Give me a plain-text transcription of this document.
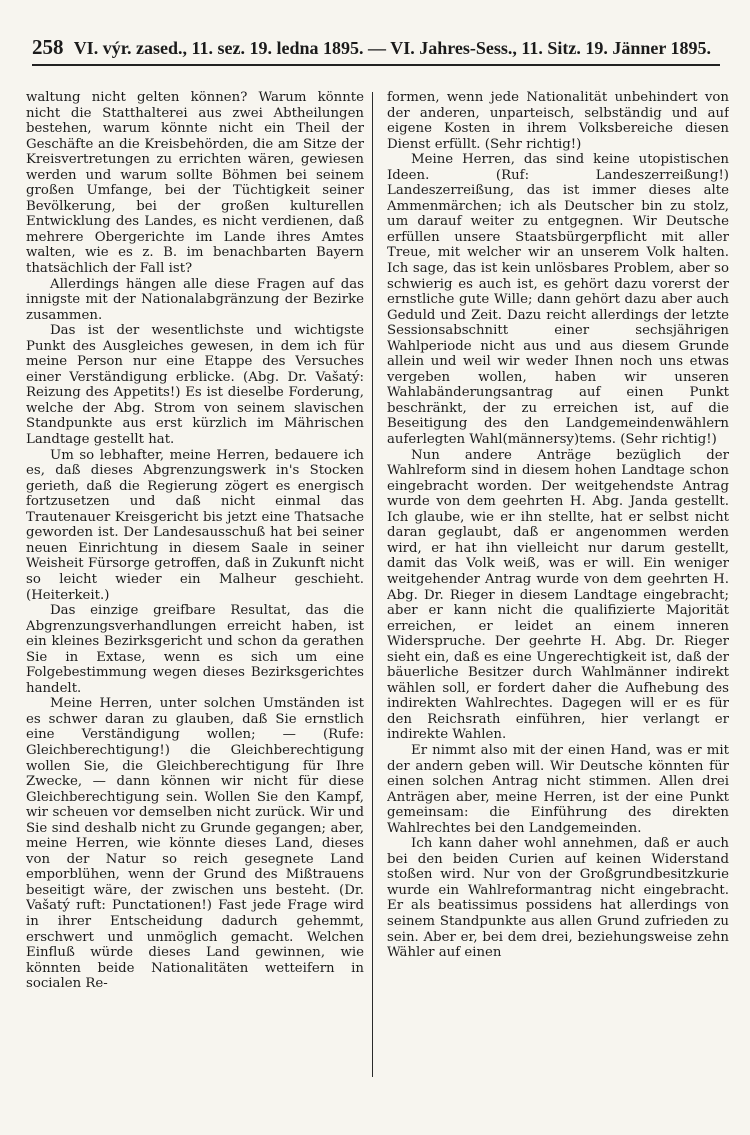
258 VI. výr. zased., 11. sez. 19. ledna 1895. — VI. Jahres-Sess., 11. Sitz. 19. Jänner 1895.

waltung nicht gelten können? Warum könnte nicht die Statthalterei aus zwei Abtheilungen bestehen, warum könnte nicht ein Theil der Geschäfte an die Kreisbehörden, die am Sitze der Kreisvertretungen zu errichten wären, gewiesen werden und warum sollte Böhmen bei seinem großen Umfange, bei der Tüchtigkeit seiner Bevölkerung, bei der großen kulturellen Entwicklung des Landes, es nicht verdienen, daß mehrere Obergerichte im Lande ihres Amtes walten, wie es z. B. im benachbarten Bayern thatsächlich der Fall ist?

Allerdings hängen alle diese Fragen auf das innigste mit der Nationalabgränzung der Bezirke zusammen.

Das ist der wesentlichste und wichtigste Punkt des Ausgleiches gewesen, in dem ich für meine Person nur eine Etappe des Versuches einer Verständigung erblicke. (Abg. Dr. Vašatý: Reizung des Appetits!) Es ist dieselbe Forderung, welche der Abg. Strom von seinem slavischen Standpunkte aus erst kürzlich im Mährischen Landtage gestellt hat.

Um so lebhafter, meine Herren, bedauere ich es, daß dieses Abgrenzungswerk in's Stocken gerieth, daß die Regierung zögert es energisch fortzusetzen und daß nicht einmal das Trautenauer Kreisgericht bis jetzt eine Thatsache geworden ist. Der Landesausschuß hat bei seiner neuen Einrichtung in diesem Saale in seiner Weisheit Fürsorge getroffen, daß in Zukunft nicht so leicht wieder ein Malheur geschieht. (Heiterkeit.)

Das einzige greifbare Resultat, das die Abgrenzungsverhandlungen erreicht haben, ist ein kleines Bezirksgericht und schon da gerathen Sie in Extase, wenn es sich um eine Folgebestimmung wegen dieses Bezirksgerichtes handelt.

Meine Herren, unter solchen Umständen ist es schwer daran zu glauben, daß Sie ernstlich eine Verständigung wollen; — (Rufe: Gleichberechtigung!) die Gleichberechtigung wollen Sie, die Gleichberechtigung für Ihre Zwecke, — dann können wir nicht für diese Gleichberechtigung sein. Wollen Sie den Kampf, wir scheuen vor demselben nicht zurück. Wir und Sie sind deshalb nicht zu Grunde gegangen; aber, meine Herren, wie könnte dieses Land, dieses von der Natur so reich gesegnete Land emporblühen, wenn der Grund des Mißtrauens beseitigt wäre, der zwischen uns besteht. (Dr. Vašatý ruft: Punctationen!) Fast jede Frage wird in ihrer Entscheidung dadurch gehemmt, erschwert und unmöglich gemacht. Welchen Einfluß würde dieses Land gewinnen, wie könnten beide Nationalitäten wetteifern in socialen Re-

formen, wenn jede Nationalität unbehindert von der anderen, unparteisch, selbständig und auf eigene Kosten in ihrem Volksbereiche diesen Dienst erfüllt. (Sehr richtig!)

Meine Herren, das sind keine utopistischen Ideen. (Ruf: Landeszerreißung!) Landeszerreißung, das ist immer dieses alte Ammenmärchen; ich als Deutscher bin zu stolz, um darauf weiter zu entgegnen. Wir Deutsche erfüllen unsere Staatsbürgerpflicht mit aller Treue, mit welcher wir an unserem Volk halten. Ich sage, das ist kein unlösbares Problem, aber so schwierig es auch ist, es gehört dazu vorerst der ernstliche gute Wille; dann gehört dazu aber auch Geduld und Zeit. Dazu reicht allerdings der letzte Sessionsabschnitt einer sechsjährigen Wahlperiode nicht aus und aus diesem Grunde allein und weil wir weder Ihnen noch uns etwas vergeben wollen, haben wir unseren Wahlabänderungsantrag auf einen Punkt beschränkt, der zu erreichen ist, auf die Beseitigung des den Landgemeindenwählern auferlegten Wahl(männersy)tems. (Sehr richtig!)

Nun andere Anträge bezüglich der Wahlreform sind in diesem hohen Landtage schon eingebracht worden. Der weitgehendste Antrag wurde von dem geehrten H. Abg. Janda gestellt. Ich glaube, wie er ihn stellte, hat er selbst nicht daran geglaubt, daß er angenommen werden wird, er hat ihn vielleicht nur darum gestellt, damit das Volk weiß, was er will. Ein weniger weitgehender Antrag wurde von dem geehrten H. Abg. Dr. Rieger in diesem Landtage eingebracht; aber er kann nicht die qualifizierte Majorität erreichen, er leidet an einem inneren Widerspruche. Der geehrte H. Abg. Dr. Rieger sieht ein, daß es eine Ungerechtigkeit ist, daß der bäuerliche Besitzer durch Wahlmänner indirekt wählen soll, er fordert daher die Aufhebung des indirekten Wahlrechtes. Dagegen will er es für den Reichsrath einführen, hier verlangt er indirekte Wahlen.

Er nimmt also mit der einen Hand, was er mit der andern geben will. Wir Deutsche könnten für einen solchen Antrag nicht stimmen. Allen drei Anträgen aber, meine Herren, ist der eine Punkt gemeinsam: die Einführung des direkten Wahlrechtes bei den Landgemeinden.

Ich kann daher wohl annehmen, daß er auch bei den beiden Curien auf keinen Widerstand stoßen wird. Nur von der Großgrundbesitzkurie wurde ein Wahlreformantrag nicht eingebracht. Er als beatissimus possidens hat allerdings von seinem Standpunkte aus allen Grund zufrieden zu sein. Aber er, bei dem drei, beziehungsweise zehn Wähler auf einen
